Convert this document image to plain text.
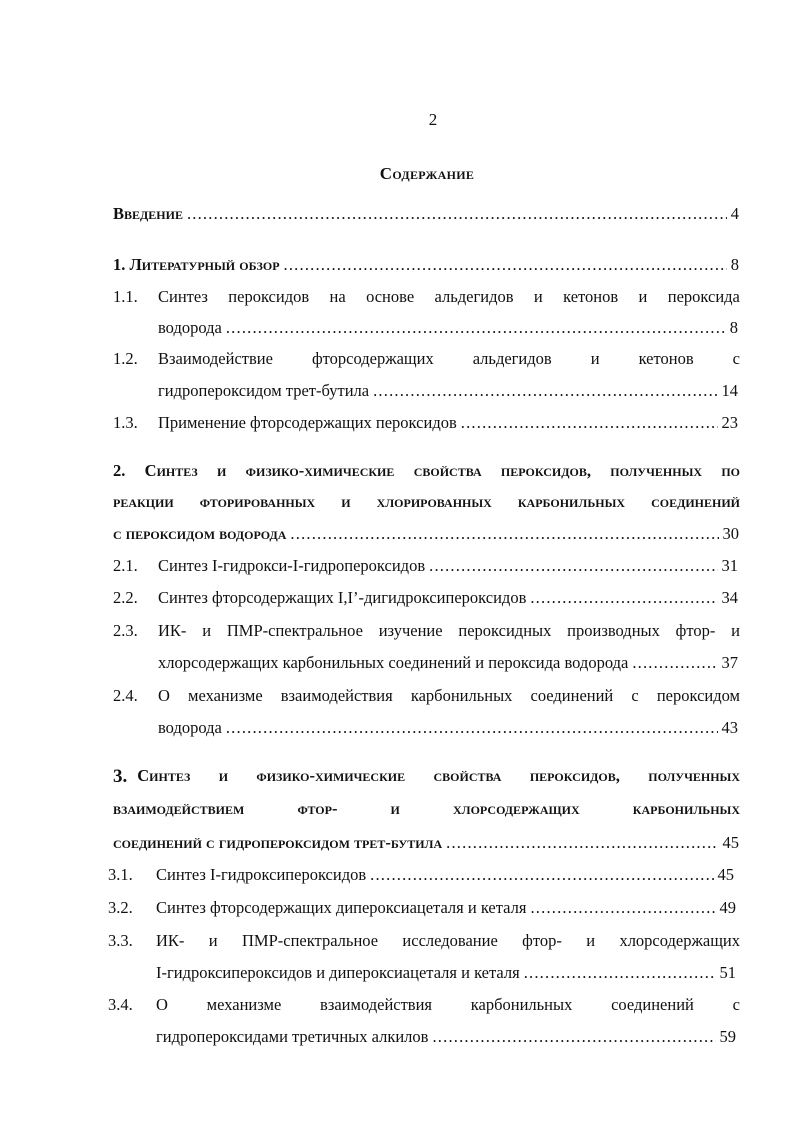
2
Содержание
Введение .....	4
1. Литературный обзор .....	8
1.1. Синтез пероксидов на основе альдегидов и кетонов и пероксида
водорода .....	8
1.2. Взаимодействие фторсодержащих альдегидов и кетонов с
гидропероксидом трет-бутила .....	14
1.3. Применение фторсодержащих пероксидов .....	23
2. Синтез и физико-химические свойства пероксидов, полученных по
реакции фторированных и хлорированных карбонильных соединений
с пероксидом водорода .....	30
2.1. Синтез I-гидрокси-I-гидропероксидов .....	31
2.2. Синтез фторсодержащих I,I’-дигидроксипероксидов .....	34
2.3. ИК- и ПМР-спектральное изучение пероксидных производных фтор- и
хлорсодержащих карбонильных соединений и пероксида водорода .....	37
2.4. О механизме взаимодействия карбонильных соединений с пероксидом
водорода .....	43
3. Синтез и физико-химические свойства пероксидов, полученных
взаимодействием	фтор-	и	хлорсодержащих	карбонильных
соединений с гидропероксидом трет-бутила .....	45
3.1. Синтез I-гидроксипероксидов .....	45
3.2. Синтез фторсодержащих дипероксиацеталя и кеталя .....	49
3.3. ИК- и ПМР-спектральное исследование фтор- и хлорсодержащих
I-гидроксипероксидов и дипероксиацеталя и кеталя .....	51
3.4. О механизме взаимодействия карбонильных соединений с
гидропероксидами третичных алкилов .....	59
